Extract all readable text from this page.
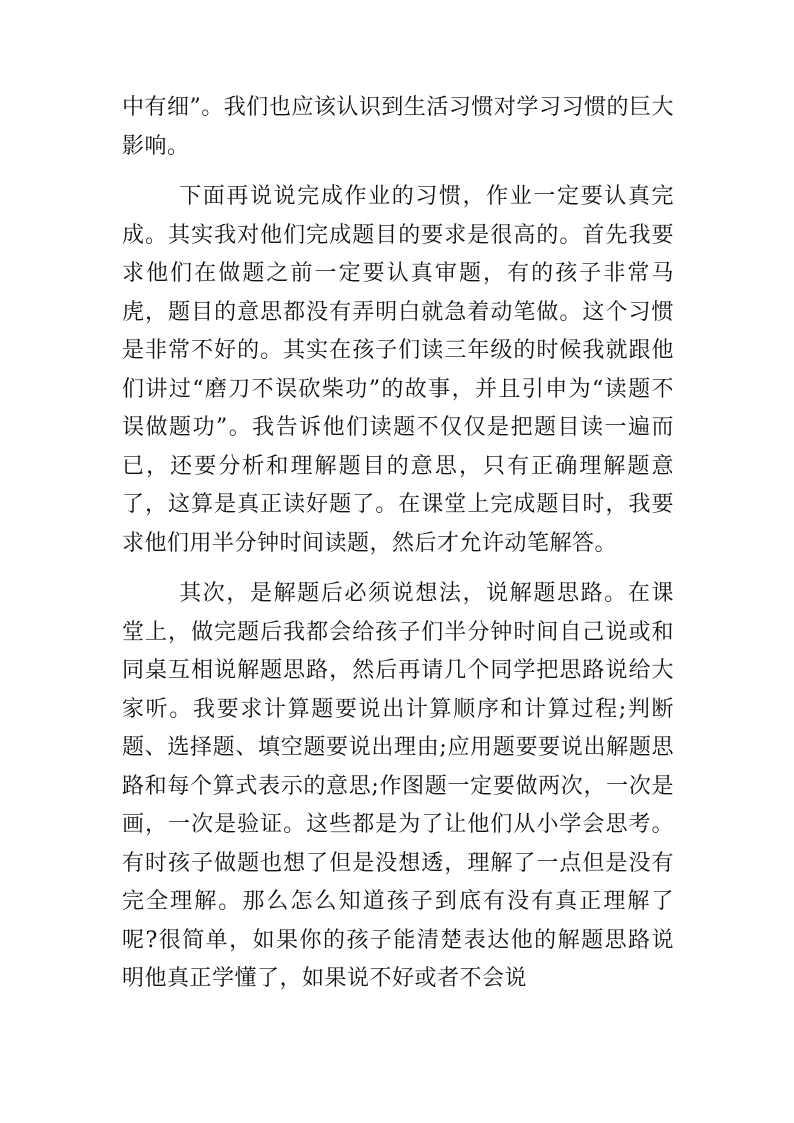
中有细”。我们也应该认识到生活习惯对学习习惯的巨大影响。

下面再说说完成作业的习惯，作业一定要认真完成。其实我对他们完成题目的要求是很高的。首先我要求他们在做题之前一定要认真审题，有的孩子非常马虎，题目的意思都没有弄明白就急着动笔做。这个习惯是非常不好的。其实在孩子们读三年级的时候我就跟他们讲过“磨刀不误砍柴功”的故事，并且引申为“读题不误做题功”。我告诉他们读题不仅仅是把题目读一遍而已，还要分析和理解题目的意思，只有正确理解题意了，这算是真正读好题了。在课堂上完成题目时，我要求他们用半分钟时间读题，然后才允许动笔解答。

其次，是解题后必须说想法，说解题思路。在课堂上，做完题后我都会给孩子们半分钟时间自己说或和同桌互相说解题思路，然后再请几个同学把思路说给大家听。我要求计算题要说出计算顺序和计算过程;判断题、选择题、填空题要说出理由;应用题要要说出解题思路和每个算式表示的意思;作图题一定要做两次，一次是画，一次是验证。这些都是为了让他们从小学会思考。有时孩子做题也想了但是没想透，理解了一点但是没有完全理解。那么怎么知道孩子到底有没有真正理解了呢?很简单，如果你的孩子能清楚表达他的解题思路说明他真正学懂了，如果说不好或者不会说
